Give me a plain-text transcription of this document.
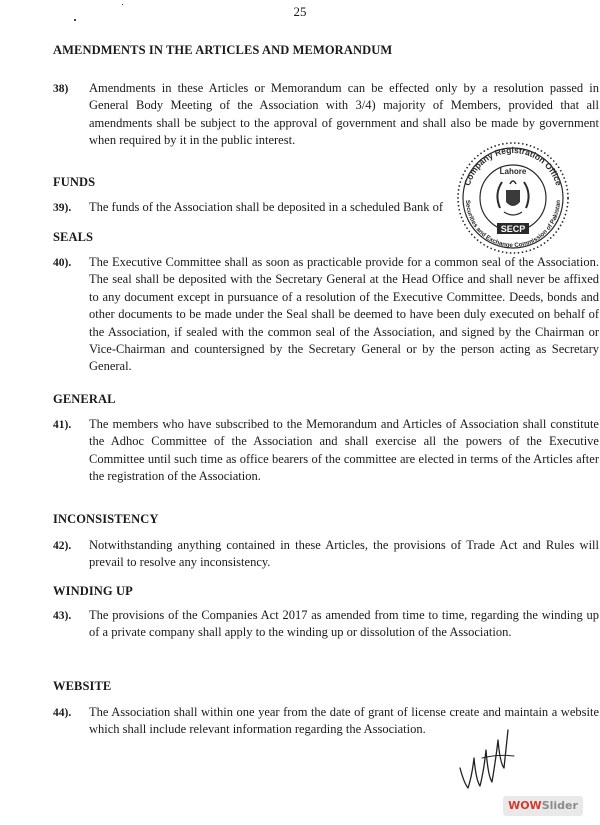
25
AMENDMENTS IN THE ARTICLES AND MEMORANDUM
38) Amendments in these Articles or Memorandum can be effected only by a resolution passed in General Body Meeting of the Association with 3/4) majority of Members, provided that all amendments shall be subject to the approval of government and shall also be made by government when required by it in the public interest.
FUNDS
39). The funds of the Association shall be deposited in a scheduled Bank of
SEALS
40). The Executive Committee shall as soon as practicable provide for a common seal of the Association. The seal shall be deposited with the Secretary General at the Head Office and shall never be affixed to any document except in pursuance of a resolution of the Executive Committee. Deeds, bonds and other documents to be made under the Seal shall be deemed to have been duly executed on behalf of the Association, if sealed with the common seal of the Association, and signed by the Chairman or Vice-Chairman and countersigned by the Secretary General or by the person acting as Secretary General.
GENERAL
41). The members who have subscribed to the Memorandum and Articles of Association shall constitute the Adhoc Committee of the Association and shall exercise all the powers of the Executive Committee until such time as office bearers of the committee are elected in terms of the Articles after the registration of the Association.
INCONSISTENCY
42). Notwithstanding anything contained in these Articles, the provisions of Trade Act and Rules will prevail to resolve any inconsistency.
WINDING UP
43). The provisions of the Companies Act 2017 as amended from time to time, regarding the winding up of a private company shall apply to the winding up or dissolution of the Association.
WEBSITE
44). The Association shall within one year from the date of grant of license create and maintain a website which shall include relevant information regarding the Association.
Company Registration Office
Securities and Exchange Commission of Pakistan
Lahore
SECP
WOWSlider
